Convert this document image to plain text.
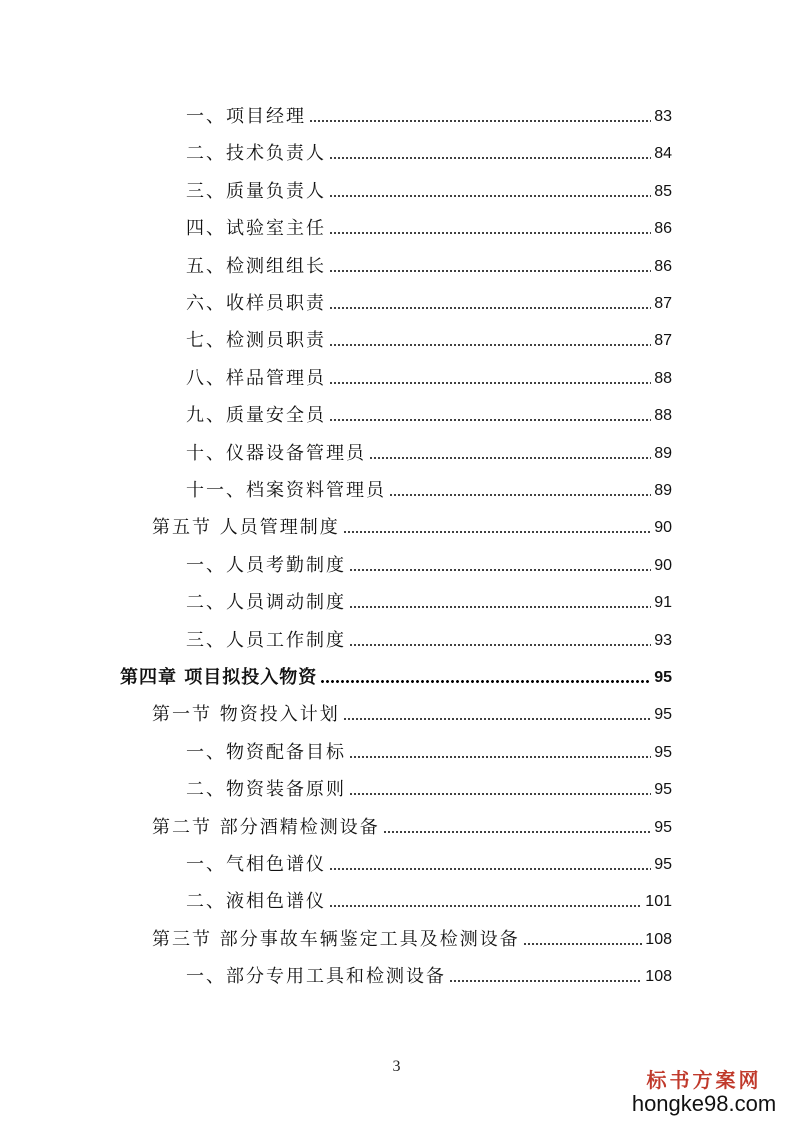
一、项目经理	83
二、技术负责人	84
三、质量负责人	85
四、试验室主任	86
五、检测组组长	86
六、收样员职责	87
七、检测员职责	87
八、样品管理员	88
九、质量安全员	88
十、仪器设备管理员	89
十一、档案资料管理员	89
第五节 人员管理制度	90
一、人员考勤制度	90
二、人员调动制度	91
三、人员工作制度	93
第四章 项目拟投入物资	95
第一节 物资投入计划	95
一、物资配备目标	95
二、物资装备原则	95
第二节 部分酒精检测设备	95
一、气相色谱仪	95
二、液相色谱仪	101
第三节 部分事故车辆鉴定工具及检测设备	108
一、部分专用工具和检测设备	108
3
标书方案网
hongke98.com
